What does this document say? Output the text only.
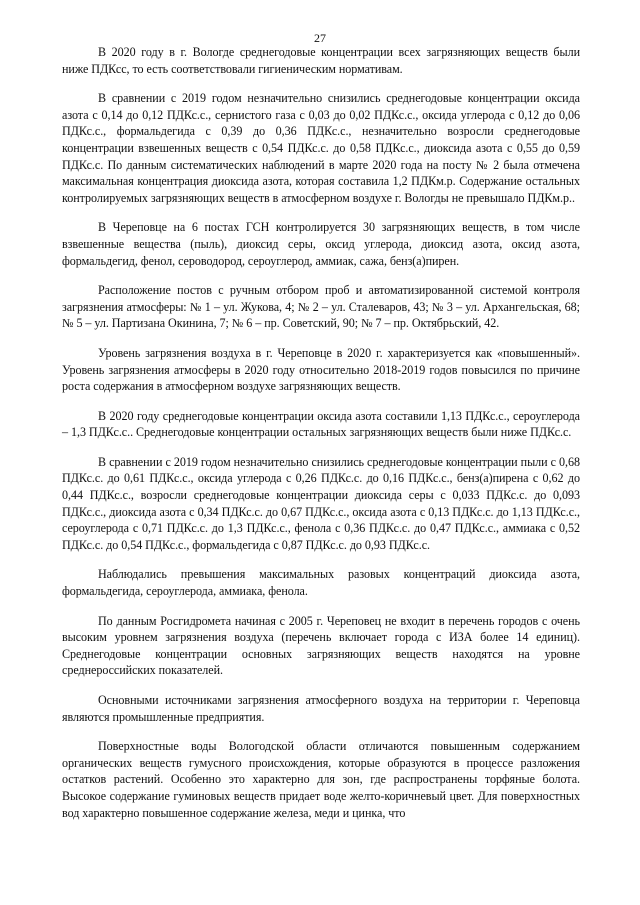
27

В 2020 году в г. Вологде среднегодовые концентрации всех загрязняющих веществ были ниже ПДКсс, то есть соответствовали гигиеническим нормативам.

В сравнении с 2019 годом незначительно снизились среднегодовые концентрации оксида азота с 0,14 до 0,12 ПДКс.с., сернистого газа с 0,03 до 0,02 ПДКс.с., оксида углерода с 0,12 до 0,06 ПДКс.с., формальдегида с 0,39 до 0,36 ПДКс.с., незначительно возросли среднегодовые концентрации взвешенных веществ с 0,54 ПДКс.с. до 0,58 ПДКс.с., диоксида азота с 0,55 до 0,59 ПДКс.с. По данным систематических наблюдений в марте 2020 года на посту № 2 была отмечена максимальная концентрация диоксида азота, которая составила 1,2 ПДКм.р. Содержание остальных контролируемых загрязняющих веществ в атмосферном воздухе г. Вологды не превышало ПДКм.р..

В Череповце на 6 постах ГСН контролируется 30 загрязняющих веществ, в том числе взвешенные вещества (пыль), диоксид серы, оксид углерода, диоксид азота, оксид азота, формальдегид, фенол, сероводород, сероуглерод, аммиак, сажа, бенз(а)пирен.

Расположение постов с ручным отбором проб и автоматизированной системой контроля загрязнения атмосферы: № 1 – ул. Жукова, 4; № 2 – ул. Сталеваров, 43; № 3 – ул. Архангельская, 68; № 5 – ул. Партизана Окинина, 7; № 6 – пр. Советский, 90; № 7 – пр. Октябрьский, 42.

Уровень загрязнения воздуха в г. Череповце в 2020 г. характеризуется как «повышенный». Уровень загрязнения атмосферы в 2020 году относительно 2018-2019 годов повысился по причине роста содержания в атмосферном воздухе загрязняющих веществ.

В 2020 году среднегодовые концентрации оксида азота составили 1,13 ПДКс.с., сероуглерода – 1,3 ПДКс.с.. Среднегодовые концентрации остальных загрязняющих веществ были ниже ПДКс.с.

В сравнении с 2019 годом незначительно снизились среднегодовые концентрации пыли с 0,68 ПДКс.с. до 0,61 ПДКс.с., оксида углерода с 0,26 ПДКс.с. до 0,16 ПДКс.с., бенз(а)пирена с 0,62 до 0,44 ПДКс.с., возросли среднегодовые концентрации диоксида серы с 0,033 ПДКс.с. до 0,093 ПДКс.с., диоксида азота с 0,34 ПДКс.с. до 0,67 ПДКс.с., оксида азота с 0,13 ПДКс.с. до 1,13 ПДКс.с., сероуглерода с 0,71 ПДКс.с. до 1,3 ПДКс.с., фенола с 0,36 ПДКс.с. до 0,47 ПДКс.с., аммиака с 0,52 ПДКс.с. до 0,54 ПДКс.с., формальдегида с 0,87 ПДКс.с. до 0,93 ПДКс.с.

Наблюдались превышения максимальных разовых концентраций диоксида азота, формальдегида, сероуглерода, аммиака, фенола.

По данным Росгидромета начиная с 2005 г. Череповец не входит в перечень городов с очень высоким уровнем загрязнения воздуха (перечень включает города с ИЗА более 14 единиц). Среднегодовые концентрации основных загрязняющих веществ находятся на уровне среднероссийских показателей.

Основными источниками загрязнения атмосферного воздуха на территории г. Череповца являются промышленные предприятия.

Поверхностные воды Вологодской области отличаются повышенным содержанием органических веществ гумусного происхождения, которые образуются в процессе разложения остатков растений. Особенно это характерно для зон, где распространены торфяные болота. Высокое содержание гуминовых веществ придает воде желто-коричневый цвет. Для поверхностных вод характерно повышенное содержание железа, меди и цинка, что
